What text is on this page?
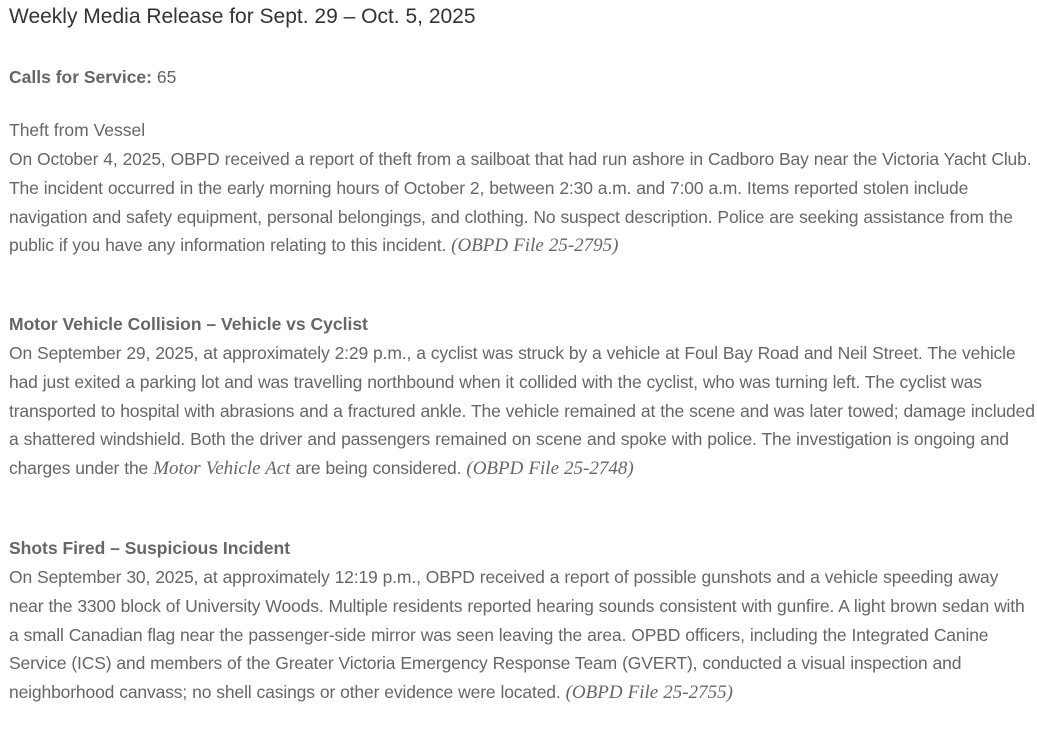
Weekly Media Release for Sept. 29 – Oct. 5, 2025
Calls for Service: 65
Theft from Vessel
On October 4, 2025, OBPD received a report of theft from a sailboat that had run ashore in Cadboro Bay near the Victoria Yacht Club. The incident occurred in the early morning hours of October 2, between 2:30 a.m. and 7:00 a.m. Items reported stolen include navigation and safety equipment, personal belongings, and clothing. No suspect description. Police are seeking assistance from the public if you have any information relating to this incident. (OBPD File 25-2795)
Motor Vehicle Collision – Vehicle vs Cyclist
On September 29, 2025, at approximately 2:29 p.m., a cyclist was struck by a vehicle at Foul Bay Road and Neil Street. The vehicle had just exited a parking lot and was travelling northbound when it collided with the cyclist, who was turning left. The cyclist was transported to hospital with abrasions and a fractured ankle. The vehicle remained at the scene and was later towed; damage included a shattered windshield. Both the driver and passengers remained on scene and spoke with police. The investigation is ongoing and charges under the Motor Vehicle Act are being considered. (OBPD File 25-2748)
Shots Fired – Suspicious Incident
On September 30, 2025, at approximately 12:19 p.m., OBPD received a report of possible gunshots and a vehicle speeding away near the 3300 block of University Woods. Multiple residents reported hearing sounds consistent with gunfire. A light brown sedan with a small Canadian flag near the passenger-side mirror was seen leaving the area. OPBD officers, including the Integrated Canine Service (ICS) and members of the Greater Victoria Emergency Response Team (GVERT), conducted a visual inspection and neighborhood canvass; no shell casings or other evidence were located. (OBPD File 25-2755)
